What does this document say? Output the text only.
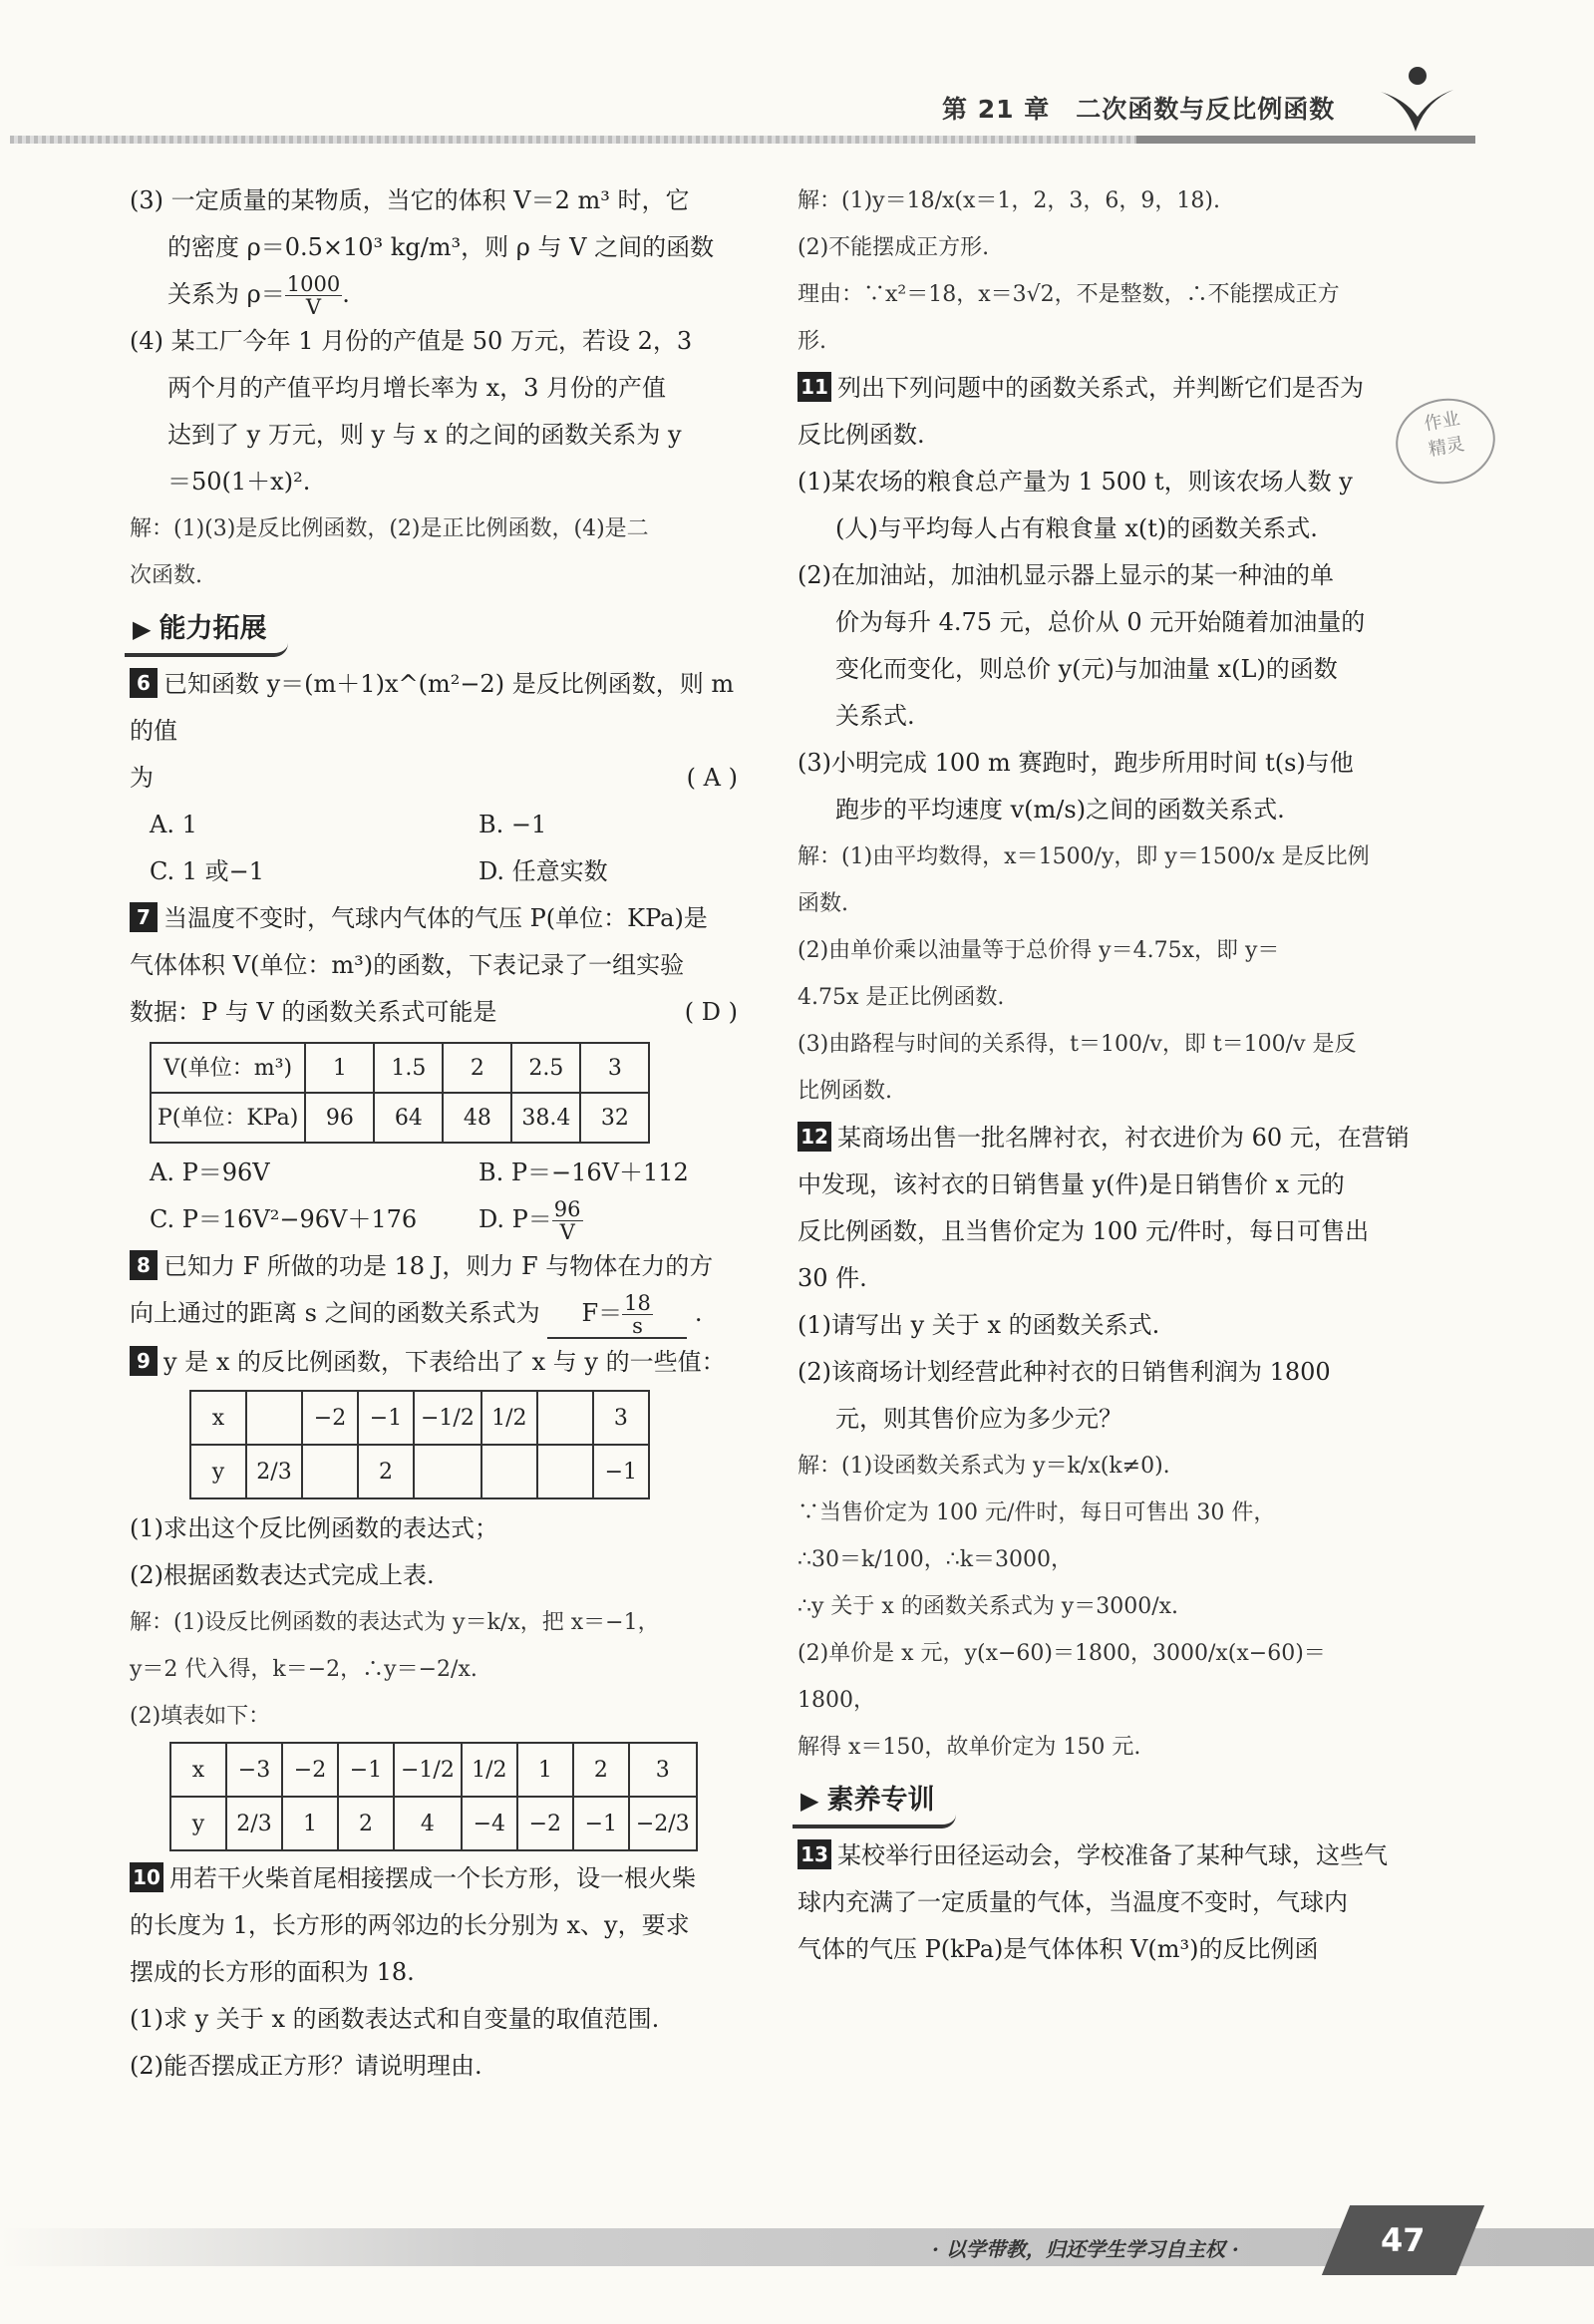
第 21 章　二次函数与反比例函数

(3) 一定质量的某物质，当它的体积 V＝2 m³ 时，它

的密度 ρ＝0.5×10³ kg/m³，则 ρ 与 V 之间的函数

关系为 $\rho= \frac{1000}{V}$ .

(4) 某工厂今年 1 月份的产值是 50 万元，若设 2，3

两个月的产值平均月增长率为 x，3 月份的产值

达到了 y 万元，则 y 与 x 的之间的函数关系为 y

＝50(1＋x)².

解：(1)(3)是反比例函数，(2)是正比例函数，(4)是二

次函数.

▶ 能力拓展

6 已知函数 y＝(m＋1)x^(m²−2) 是反比例函数，则 m 的值

为	( A )

A. 1	B. −1
C. 1 或−1	D. 任意实数

7 当温度不变时，气球内气体的气压 P(单位：KPa)是

气体体积 V(单位：m³)的函数，下表记录了一组实验

数据：P 与 V 的函数关系式可能是	( D )

V(单位：m³)	1	1.5	2	2.5	3
P(单位：KPa)	96	64	48	38.4	32
A. P＝96V	B. P＝−16V＋112
C. P＝16V²−96V＋176	D. $P= \frac{96}{V}$

8 已知力 F 所做的功是 18 J，则力 F 与物体在力的方

向上通过的距离 s 之间的函数关系式为 $F= \frac{18}{s}$ .

9 y 是 x 的反比例函数，下表给出了 x 与 y 的一些值：

x		−2	−1	−1/2	1/2		3
y	2/3		2				−1

(1)求出这个反比例函数的表达式；

(2)根据函数表达式完成上表.

解：(1)设反比例函数的表达式为 y＝k/x，把 x＝−1，

y＝2 代入得，k＝−2，∴y＝−2/x.

(2)填表如下：

x	−3	−2	−1	−1/2	1/2	1	2	3
y	2/3	1	2	4	−4	−2	−1	−2/3

10 用若干火柴首尾相接摆成一个长方形，设一根火柴

的长度为 1，长方形的两邻边的长分别为 x、y，要求

摆成的长方形的面积为 18.

(1)求 y 关于 x 的函数表达式和自变量的取值范围.

(2)能否摆成正方形？请说明理由.

解：(1)y＝18/x(x＝1，2，3，6，9，18).

(2)不能摆成正方形.

理由：∵x²＝18，x＝3√2，不是整数，∴不能摆成正方

形.

11 列出下列问题中的函数关系式，并判断它们是否为

反比例函数.

(1)某农场的粮食总产量为 1 500 t，则该农场人数 y

(人)与平均每人占有粮食量 x(t)的函数关系式.

(2)在加油站，加油机显示器上显示的某一种油的单

价为每升 4.75 元，总价从 0 元开始随着加油量的

变化而变化，则总价 y(元)与加油量 x(L)的函数

关系式.

(3)小明完成 100 m 赛跑时，跑步所用时间 t(s)与他

跑步的平均速度 v(m/s)之间的函数关系式.

解：(1)由平均数得，x＝1500/y，即 y＝1500/x 是反比例

函数.

(2)由单价乘以油量等于总价得 y＝4.75x，即 y＝

4.75x 是正比例函数.

(3)由路程与时间的关系得，t＝100/v，即 t＝100/v 是反

比例函数.

12 某商场出售一批名牌衬衣，衬衣进价为 60 元，在营销

中发现，该衬衣的日销售量 y(件)是日销售价 x 元的

反比例函数，且当售价定为 100 元/件时，每日可售出

30 件.

(1)请写出 y 关于 x 的函数关系式.

(2)该商场计划经营此种衬衣的日销售利润为 1800

元，则其售价应为多少元？

解：(1)设函数关系式为 y＝k/x(k≠0).

∵当售价定为 100 元/件时，每日可售出 30 件，

∴30＝k/100，∴k＝3000，

∴y 关于 x 的函数关系式为 y＝3000/x.

(2)单价是 x 元，y(x−60)＝1800，3000/x(x−60)＝

1800，

解得 x＝150，故单价定为 150 元.

▶ 素养专训

13 某校举行田径运动会，学校准备了某种气球，这些气

球内充满了一定质量的气体，当温度不变时，气球内

气体的气压 P(kPa)是气体体积 V(m³)的反比例函

作业
精灵
· 以学带教，归还学生学习自主权 ·	47
